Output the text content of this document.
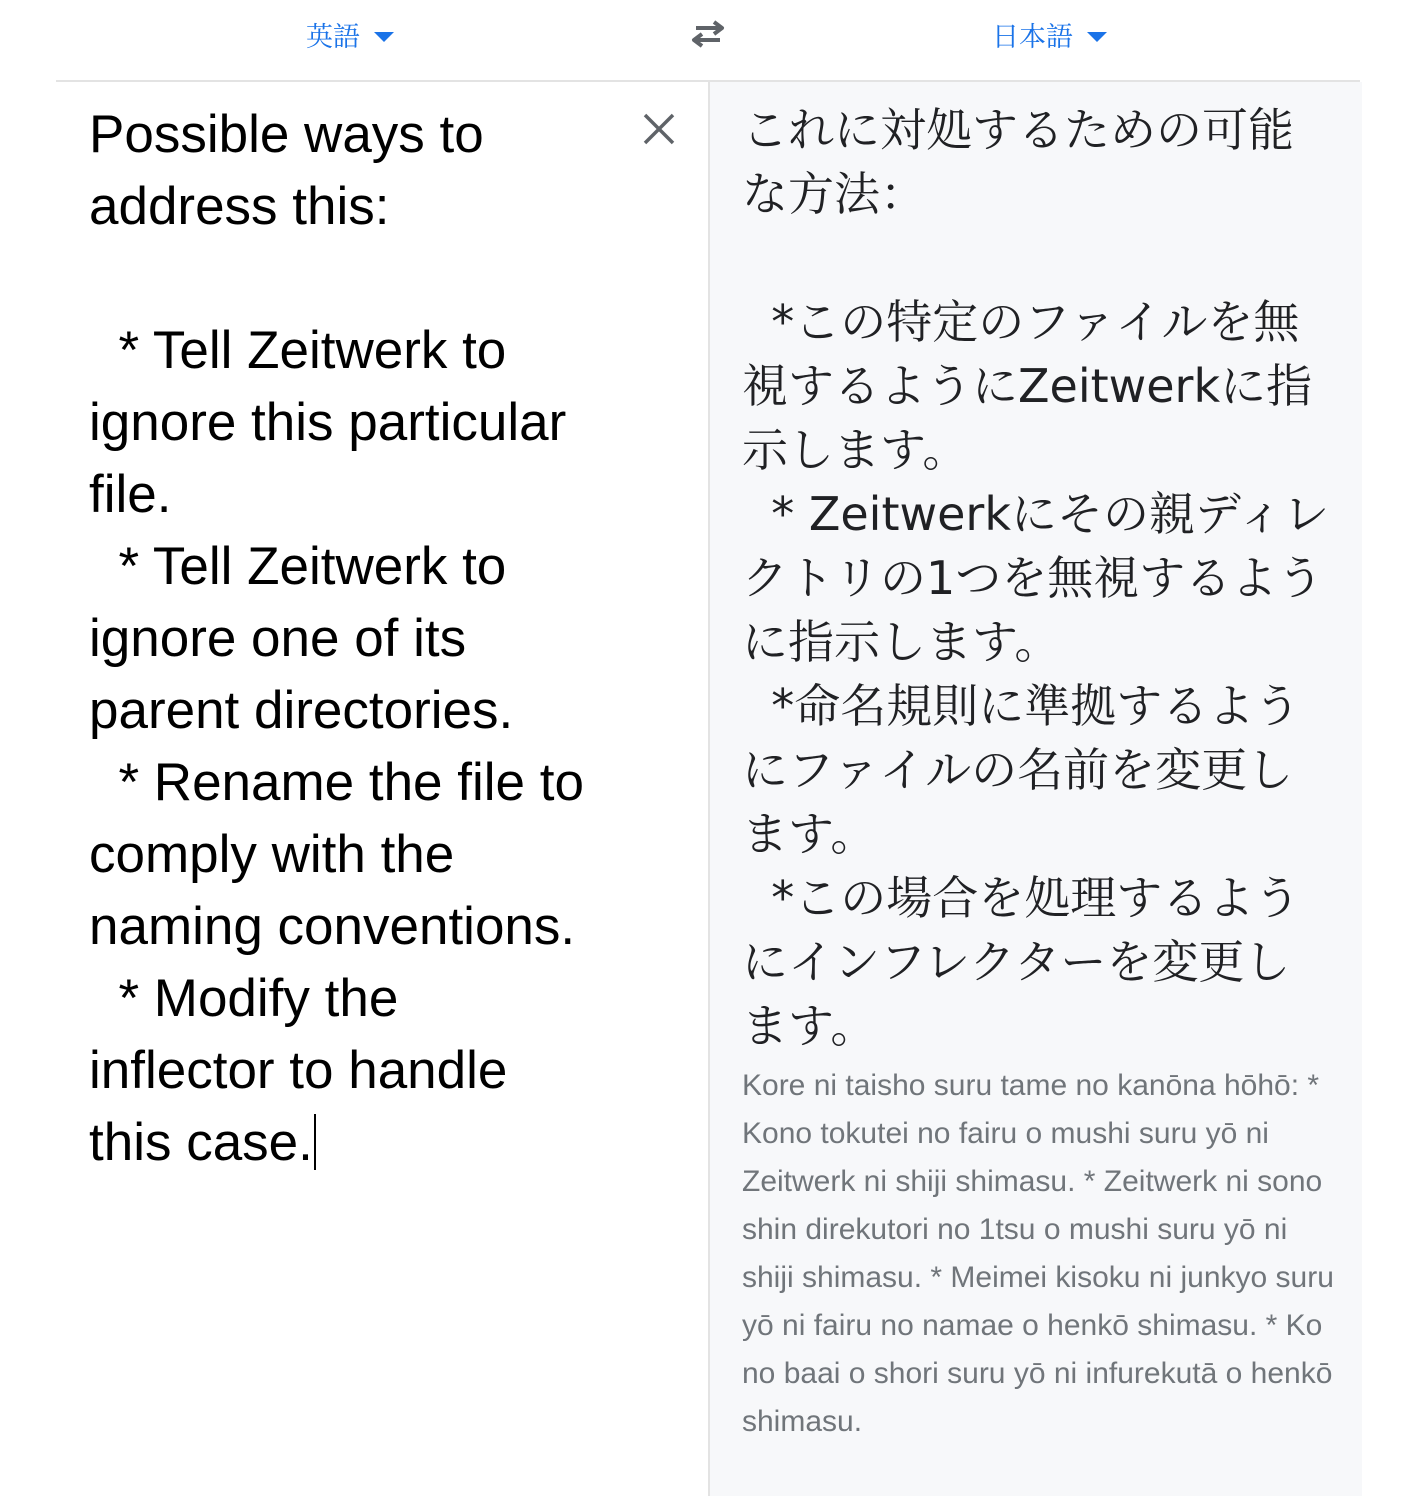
英語	日本語
Possible ways to address this:

* Tell Zeitwerk to ignore this particular file.
* Tell Zeitwerk to ignore one of its parent directories.
* Rename the file to comply with the naming conventions.
* Modify the inflector to handle this case.
これに対処するための可能な方法：

*この特定のファイルを無視するようにZeitwerkに指示します。
* Zeitwerkにその親ディレクトリの1つを無視するように指示します。
*命名規則に準拠するようにファイルの名前を変更します。
*この場合を処理するようにインフレクターを変更します。
Kore ni taisho suru tame no kanōna hōhō: * Kono tokutei no fairu o mushi suru yō ni Zeitwerk ni shiji shimasu. * Zeitwerk ni sono shin direkutori no 1tsu o mushi suru yō ni shiji shimasu. * Meimei kisoku ni junkyo suru yō ni fairu no namae o henkō shimasu. * Ko no baai o shori suru yō ni infurekutā o henkō shimasu.
